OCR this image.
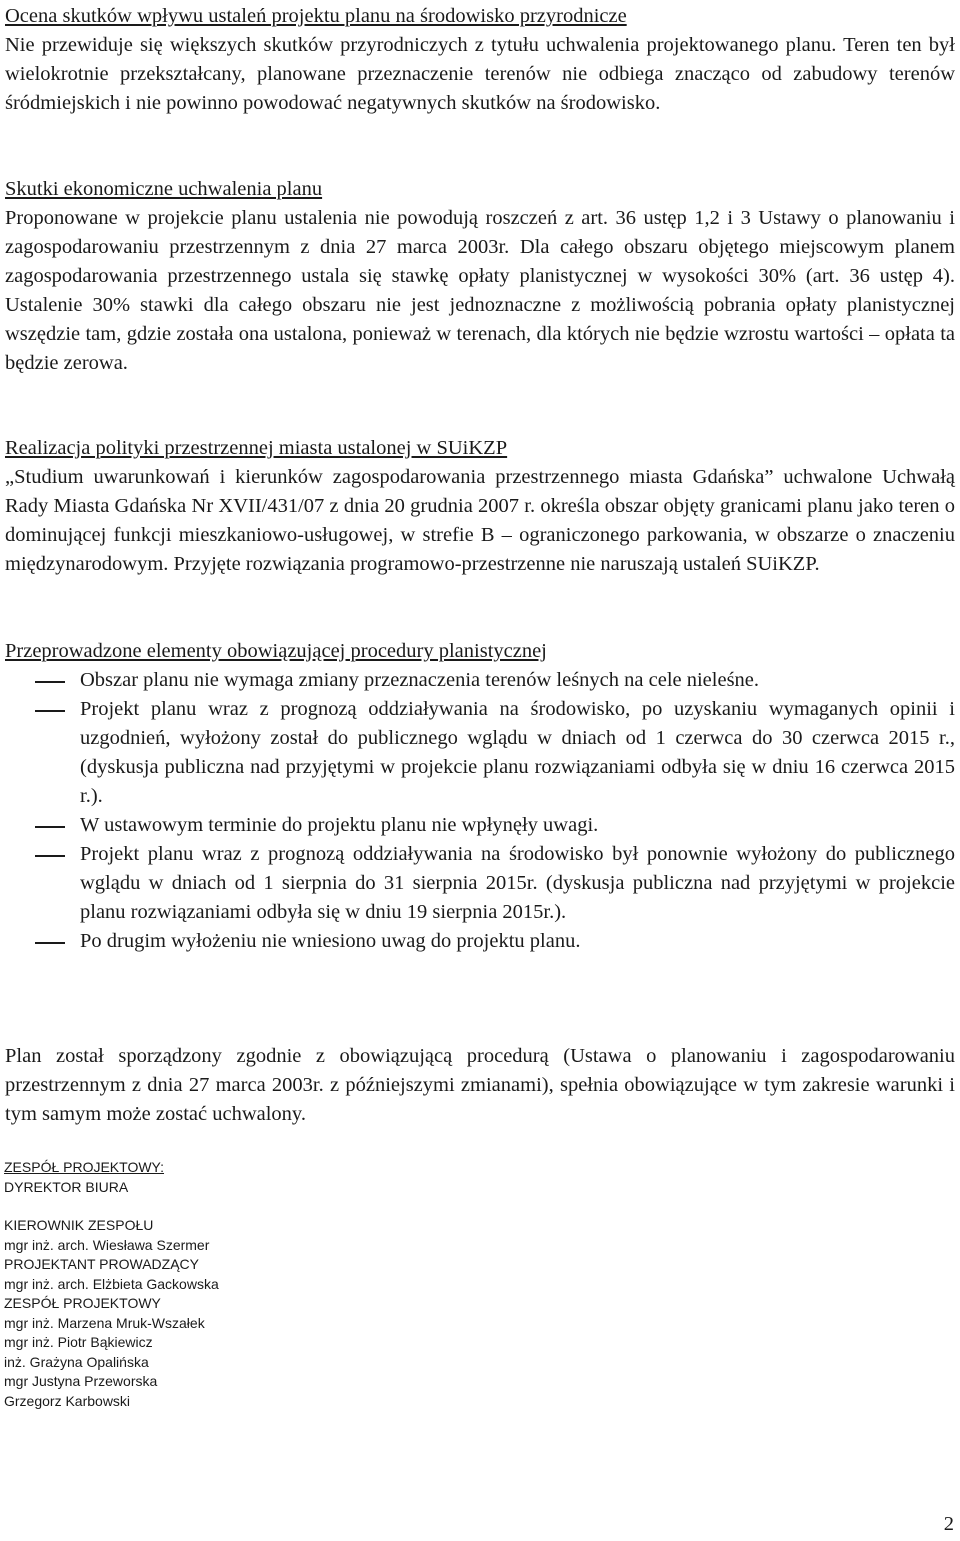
Ocena skutków wpływu ustaleń projektu planu na środowisko przyrodnicze

Nie przewiduje się większych skutków przyrodniczych z tytułu uchwalenia projektowanego planu. Teren ten był wielokrotnie przekształcany, planowane przeznaczenie terenów nie odbiega znacząco od zabudowy terenów śródmiejskich i nie powinno powodować negatywnych skutków na środowisko.

Skutki ekonomiczne uchwalenia planu

Proponowane w projekcie planu ustalenia nie powodują roszczeń z art. 36 ustęp 1,2 i 3 Ustawy o planowaniu i zagospodarowaniu przestrzennym z dnia 27 marca 2003r. Dla całego obszaru objętego miejscowym planem zagospodarowania przestrzennego ustala się stawkę opłaty planistycznej w wysokości 30% (art. 36 ustęp 4). Ustalenie 30% stawki dla całego obszaru nie jest jednoznaczne z możliwością pobrania opłaty planistycznej wszędzie tam, gdzie została ona ustalona, ponieważ w terenach, dla których nie będzie wzrostu wartości – opłata ta będzie zerowa.

Realizacja polityki przestrzennej miasta ustalonej w SUiKZP

„Studium uwarunkowań i kierunków zagospodarowania przestrzennego miasta Gdańska” uchwalone Uchwałą Rady Miasta Gdańska Nr XVII/431/07 z dnia 20 grudnia 2007 r. określa obszar objęty granicami planu jako teren o dominującej funkcji mieszkaniowo-usługowej, w strefie B – ograniczonego parkowania, w obszarze o znaczeniu międzynarodowym. Przyjęte rozwiązania programowo-przestrzenne nie naruszają ustaleń SUiKZP.

Przeprowadzone elementy obowiązującej procedury planistycznej

Obszar planu nie wymaga zmiany przeznaczenia terenów leśnych na cele nieleśne.
Projekt planu wraz z prognozą oddziaływania na środowisko, po uzyskaniu wymaganych opinii i uzgodnień, wyłożony został do publicznego wglądu w dniach od 1 czerwca do 30 czerwca 2015 r., (dyskusja publiczna nad przyjętymi w projekcie planu rozwiązaniami odbyła się w dniu 16 czerwca 2015 r.).
W ustawowym terminie do projektu planu nie wpłynęły uwagi.
Projekt planu wraz z prognozą oddziaływania na środowisko był ponownie wyłożony do publicznego wglądu w dniach od 1 sierpnia do 31 sierpnia 2015r. (dyskusja publiczna nad przyjętymi w projekcie planu rozwiązaniami odbyła się w dniu 19 sierpnia 2015r.).
Po drugim wyłożeniu nie wniesiono uwag do projektu planu.

Plan został sporządzony zgodnie z obowiązującą procedurą (Ustawa o planowaniu i zagospodarowaniu przestrzennym z dnia 27 marca 2003r. z późniejszymi zmianami), spełnia obowiązujące w tym zakresie warunki i tym samym może zostać uchwalony.

ZESPÓŁ PROJEKTOWY:
DYREKTOR BIURA
KIEROWNIK ZESPOŁU
mgr inż. arch. Wiesława Szermer
PROJEKTANT PROWADZĄCY
mgr inż. arch. Elżbieta Gackowska
ZESPÓŁ PROJEKTOWY
mgr inż. Marzena Mruk-Wszałek
mgr inż. Piotr Bąkiewicz
inż. Grażyna Opalińska
mgr Justyna Przeworska
Grzegorz Karbowski
2
